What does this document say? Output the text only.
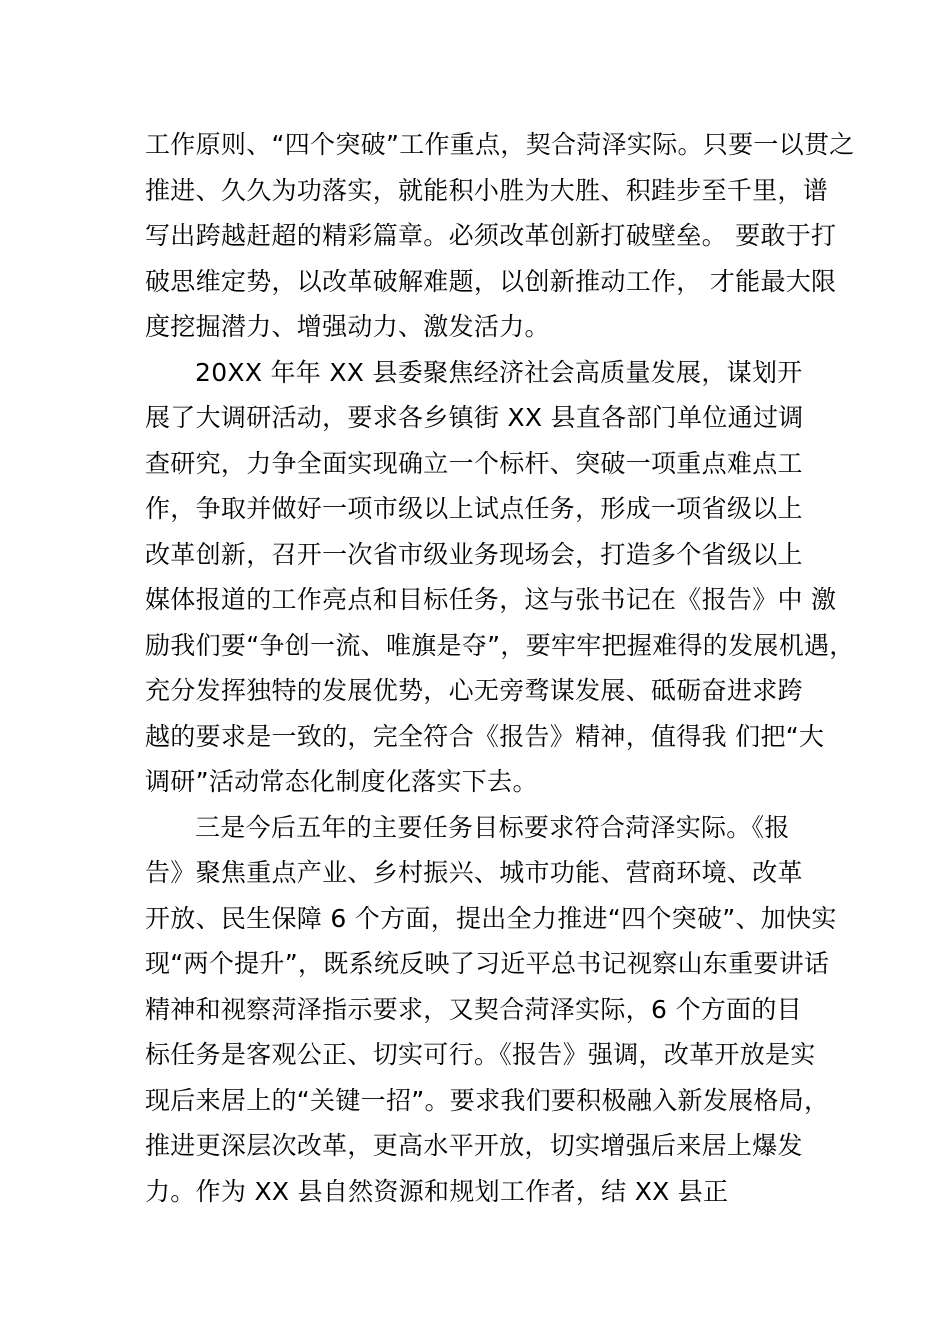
工作原则、“四个突破”工作重点，契合菏泽实际。只要一以贯之
推进、久久为功落实，就能积小胜为大胜、积跬步至千里，谱
写出跨越赶超的精彩篇章。必须改革创新打破壁垒。 要敢于打
破思维定势，以改革破解难题，以创新推动工作， 才能最大限
度挖掘潜力、增强动力、激发活力。
20XX 年年 XX 县委聚焦经济社会高质量发展，谋划开
展了大调研活动，要求各乡镇街 XX 县直各部门单位通过调
查研究，力争全面实现确立一个标杆、突破一项重点难点工
作，争取并做好一项市级以上试点任务，形成一项省级以上
改革创新，召开一次省市级业务现场会，打造多个省级以上
媒体报道的工作亮点和目标任务，这与张书记在《报告》中 激
励我们要“争创一流、唯旗是夺”，要牢牢把握难得的发展机遇，
充分发挥独特的发展优势，心无旁骛谋发展、砥砺奋进求跨
越的要求是一致的，完全符合《报告》精神，值得我 们把“大
调研”活动常态化制度化落实下去。
三是今后五年的主要任务目标要求符合菏泽实际。《报
告》聚焦重点产业、乡村振兴、城市功能、营商环境、改革
开放、民生保障 6 个方面，提出全力推进“四个突破”、加快实
现“两个提升”，既系统反映了习近平总书记视察山东重要讲话
精神和视察菏泽指示要求，又契合菏泽实际，6 个方面的目
标任务是客观公正、切实可行。《报告》强调，改革开放是实
现后来居上的“关键一招”。要求我们要积极融入新发展格局，
推进更深层次改革，更高水平开放，切实增强后来居上爆发
力。作为 XX 县自然资源和规划工作者，结 XX 县正
